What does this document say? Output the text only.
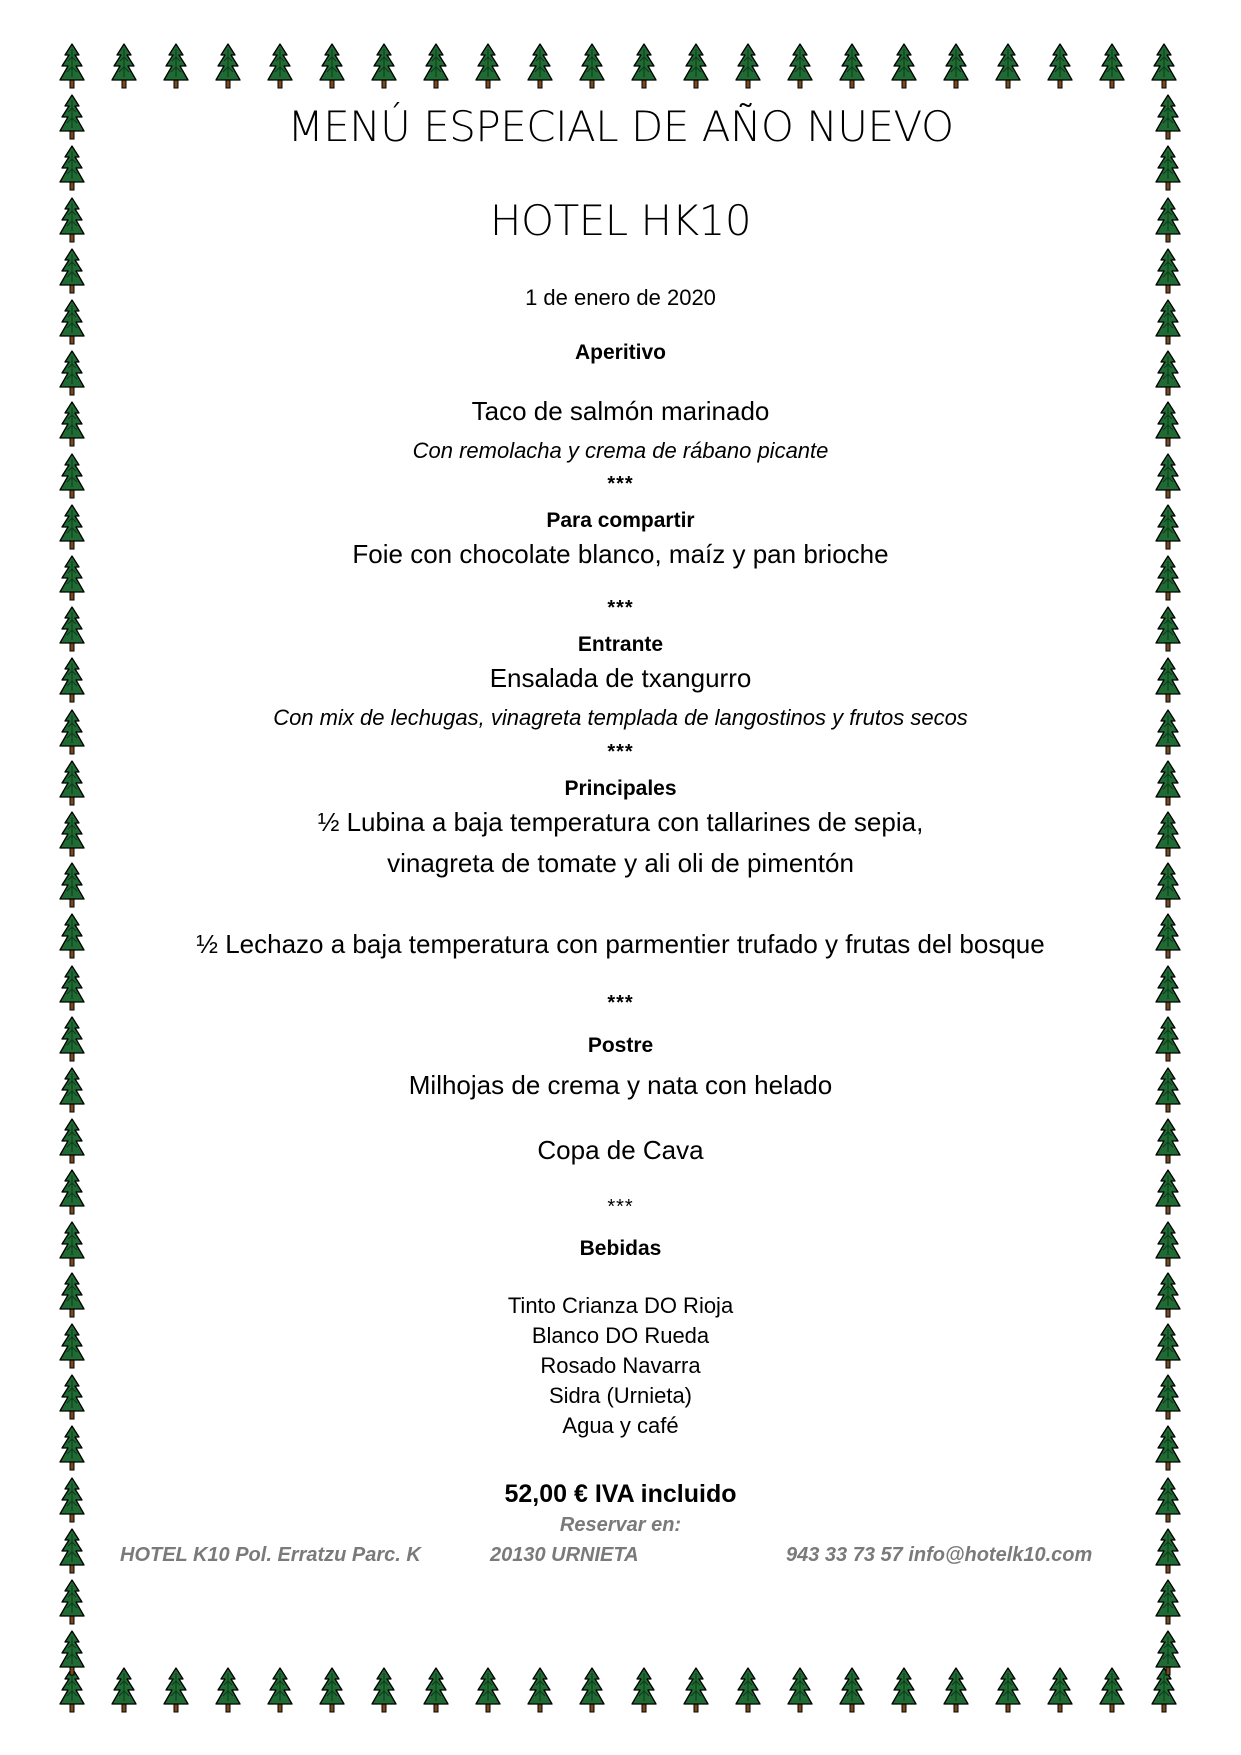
MENÚ ESPECIAL DE AÑO NUEVO
HOTEL HK10
1 de enero de 2020
Aperitivo
Taco de salmón marinado
Con remolacha y crema de rábano picante
***
Para compartir
Foie con chocolate blanco, maíz y pan brioche
***
Entrante
Ensalada de txangurro
Con mix de lechugas, vinagreta templada de langostinos y frutos secos
***
Principales
½ Lubina a baja temperatura con tallarines de sepia,
vinagreta de tomate y ali oli de pimentón
½ Lechazo a baja temperatura con parmentier trufado y frutas del bosque
***
Postre
Milhojas de crema y nata con helado
Copa de Cava
***
Bebidas
Tinto Crianza DO Rioja
Blanco DO Rueda
Rosado Navarra
Sidra (Urnieta)
Agua y café
52,00 € IVA incluido
Reservar en:
HOTEL K10 Pol. Erratzu Parc. K	20130 URNIETA	943 33 73 57 info@hotelk10.com
